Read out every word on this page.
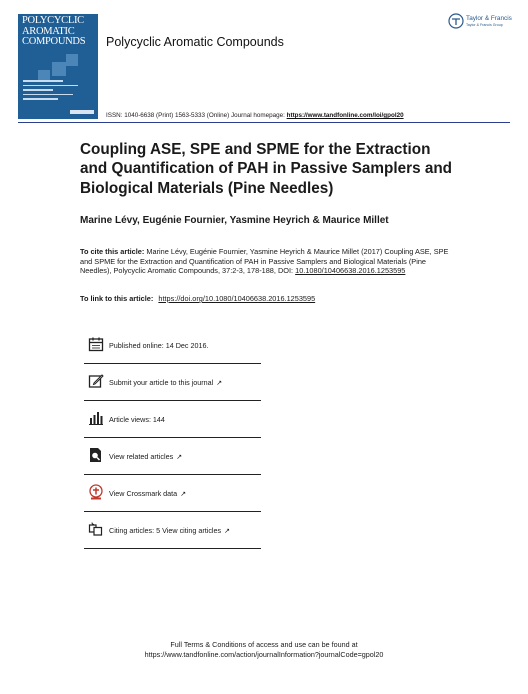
POLYCYCLIC
AROMATIC
COMPOUNDS	Polycyclic Aromatic Compounds
Taylor & Francis
Taylor & Francis Group
ISSN: 1040-6638 (Print) 1563-5333 (Online) Journal homepage: https://www.tandfonline.com/loi/gpol20
Coupling ASE, SPE and SPME for the Extraction and Quantification of PAH in Passive Samplers and Biological Materials (Pine Needles)
Marine Lévy, Eugénie Fournier, Yasmine Heyrich & Maurice Millet
To cite this article: Marine Lévy, Eugénie Fournier, Yasmine Heyrich & Maurice Millet (2017) Coupling ASE, SPE and SPME for the Extraction and Quantification of PAH in Passive Samplers and Biological Materials (Pine Needles), Polycyclic Aromatic Compounds, 37:2-3, 178-188, DOI: 10.1080/10406638.2016.1253595
To link to this article: https://doi.org/10.1080/10406638.2016.1253595
Published online: 14 Dec 2016.
Submit your article to this journal ↗
Article views: 144
View related articles ↗
View Crossmark data ↗
Citing articles: 5 View citing articles ↗
Full Terms & Conditions of access and use can be found at
https://www.tandfonline.com/action/journalInformation?journalCode=gpol20
